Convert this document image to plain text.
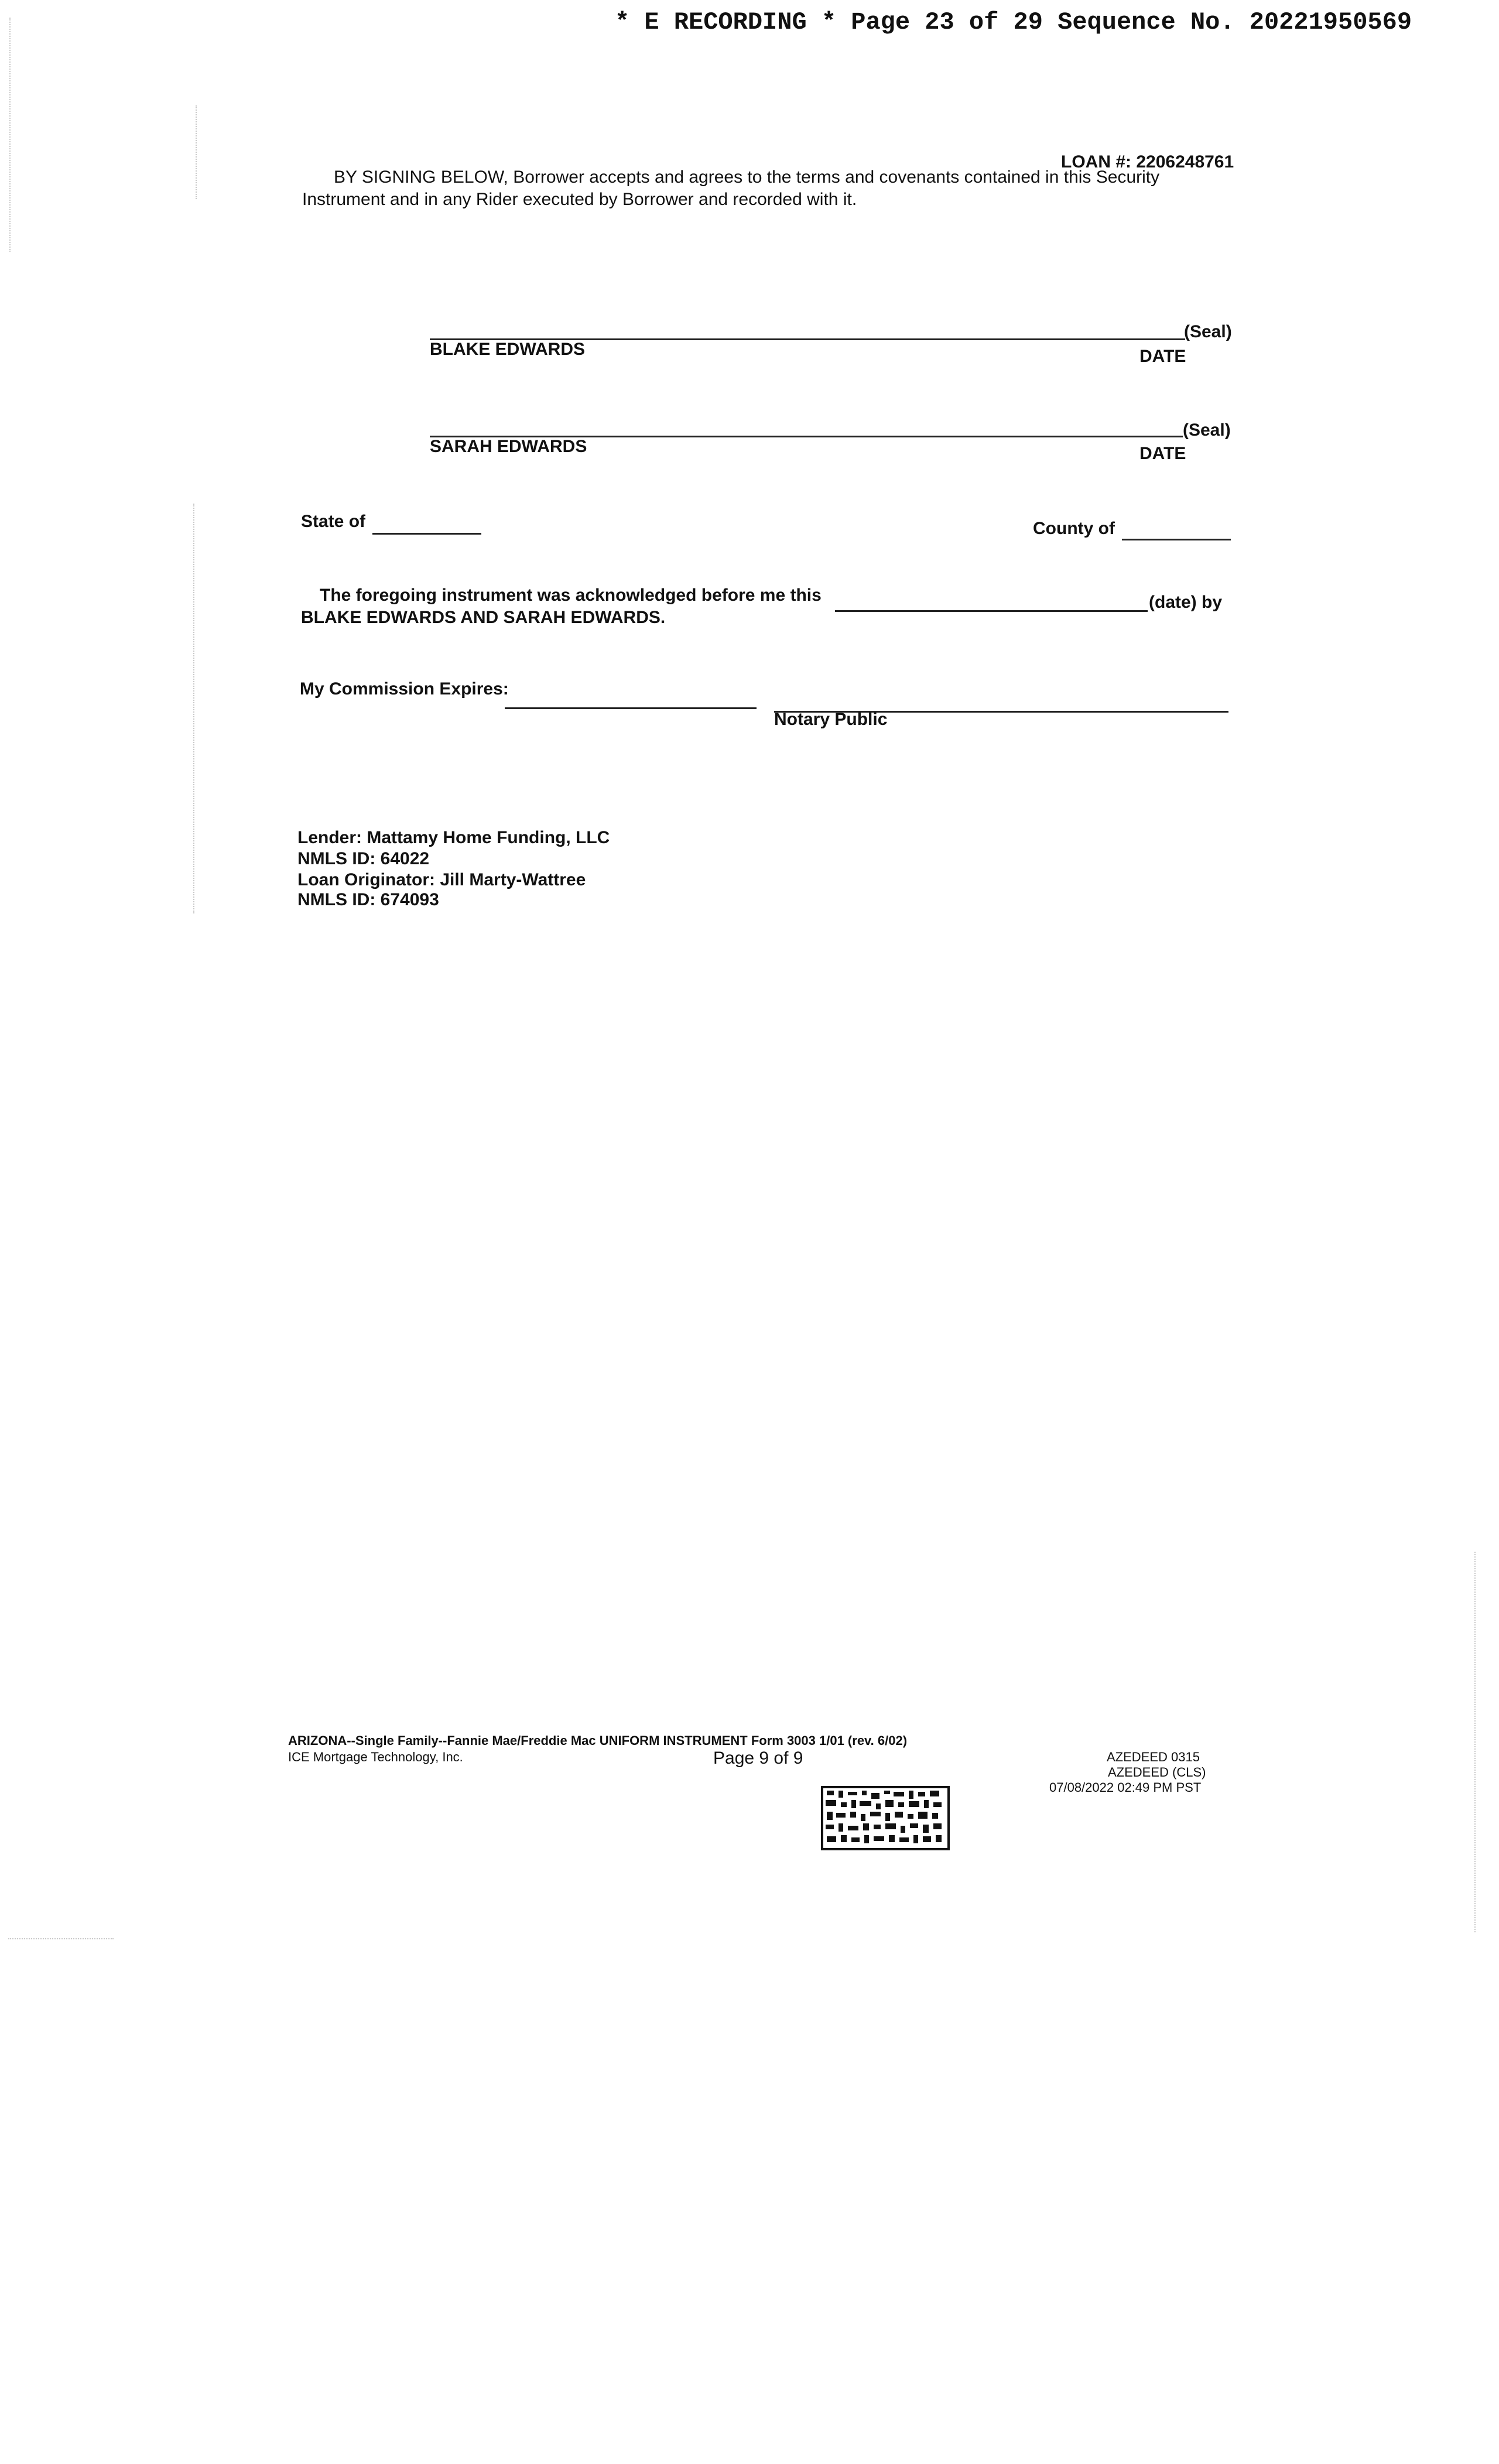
* E RECORDING * Page 23 of 29 Sequence No. 20221950569
LOAN #: 2206248761
BY SIGNING BELOW, Borrower accepts and agrees to the terms and covenants contained in this Security
Instrument and in any Rider executed by Borrower and recorded with it.
BLAKE EDWARDS
(Seal)
DATE
SARAH EDWARDS
(Seal)
DATE
State of	County of
The foregoing instrument was acknowledged before me this	(date) by
BLAKE EDWARDS AND SARAH EDWARDS.
My Commission Expires:
Notary Public
Lender: Mattamy Home Funding, LLC
NMLS ID: 64022
Loan Originator: Jill Marty-Wattree
NMLS ID: 674093
ARIZONA--Single Family--Fannie Mae/Freddie Mac UNIFORM INSTRUMENT Form 3003 1/01 (rev. 6/02)
ICE Mortgage Technology, Inc.	Page 9 of 9	AZEDEED 0315
AZEDEED (CLS)
07/08/2022 02:49 PM PST
